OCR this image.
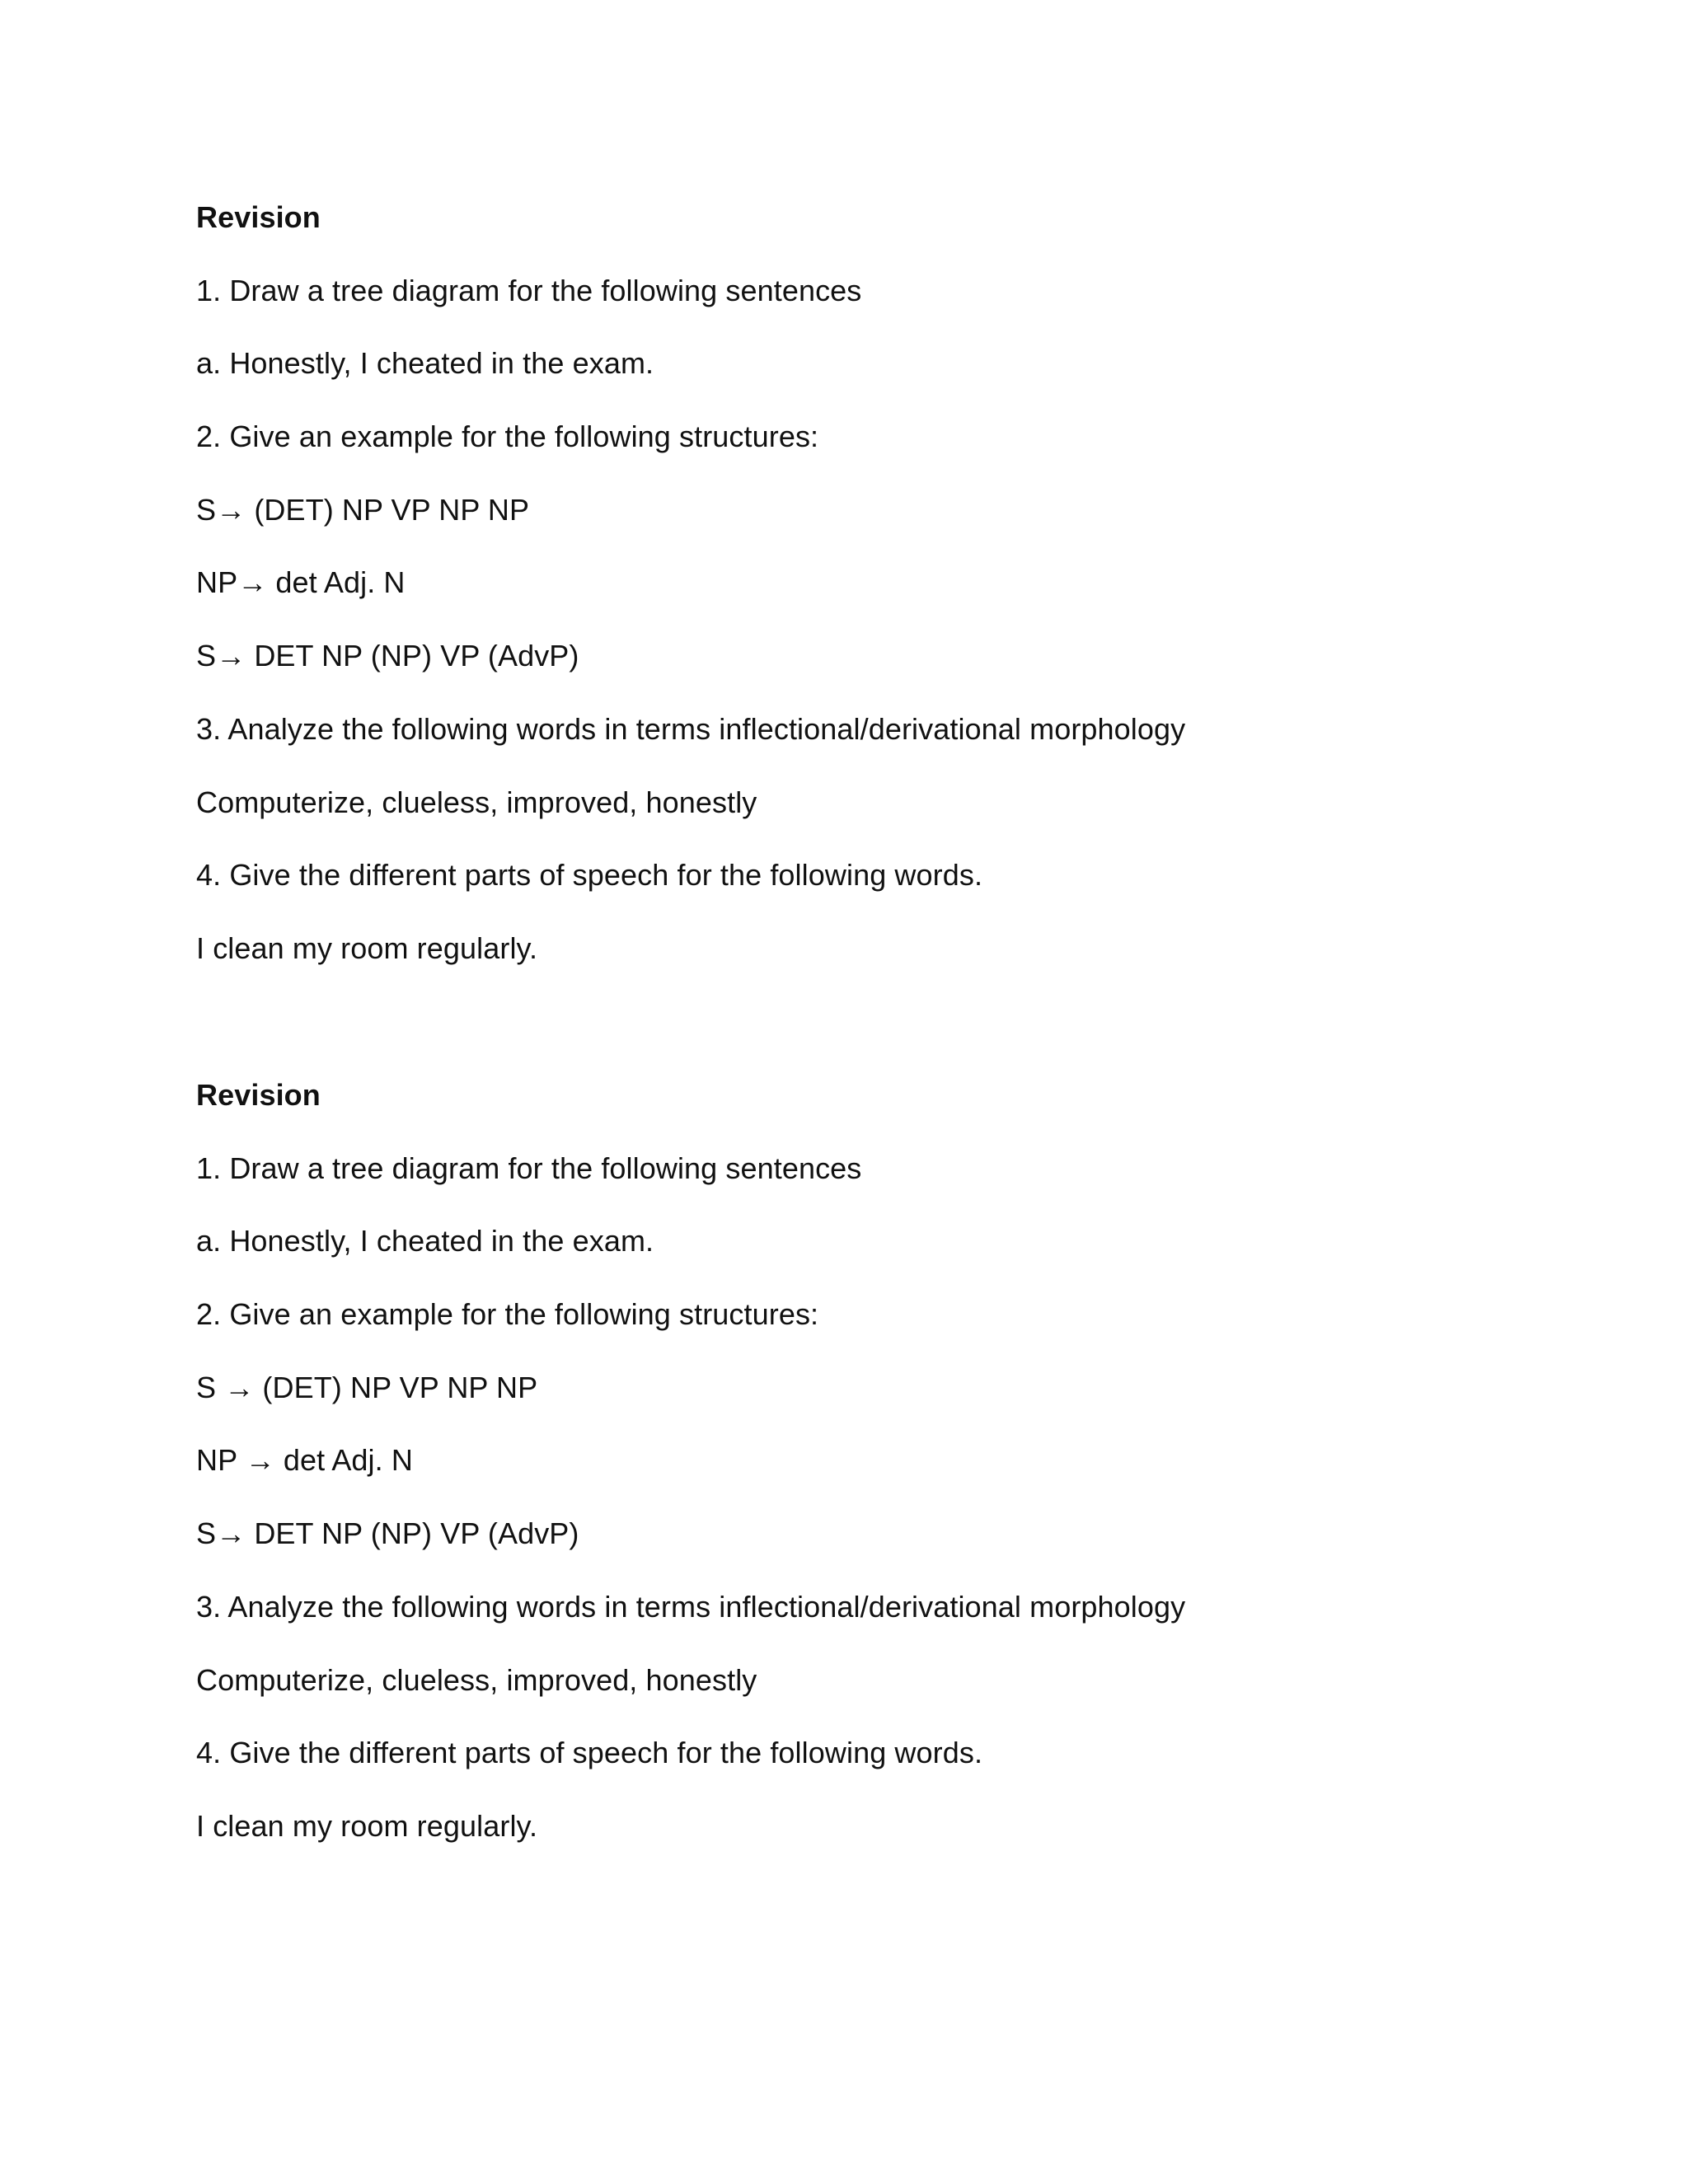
Revision
1. Draw a tree diagram for the following sentences
a. Honestly, I cheated in the exam.
2. Give an example for the following structures:
S→ (DET) NP VP NP NP
NP→ det Adj. N
S→ DET NP (NP) VP (AdvP)
3. Analyze the following words in terms inflectional/derivational morphology
Computerize, clueless, improved, honestly
4. Give the different parts of speech for the following words.
I clean my room regularly.
Revision
1. Draw a tree diagram for the following sentences
a. Honestly, I cheated in the exam.
2. Give an example for the following structures:
S → (DET) NP VP NP NP
NP → det Adj. N
S→ DET NP (NP) VP (AdvP)
3. Analyze the following words in terms inflectional/derivational morphology
Computerize, clueless, improved, honestly
4. Give the different parts of speech for the following words.
I clean my room regularly.
